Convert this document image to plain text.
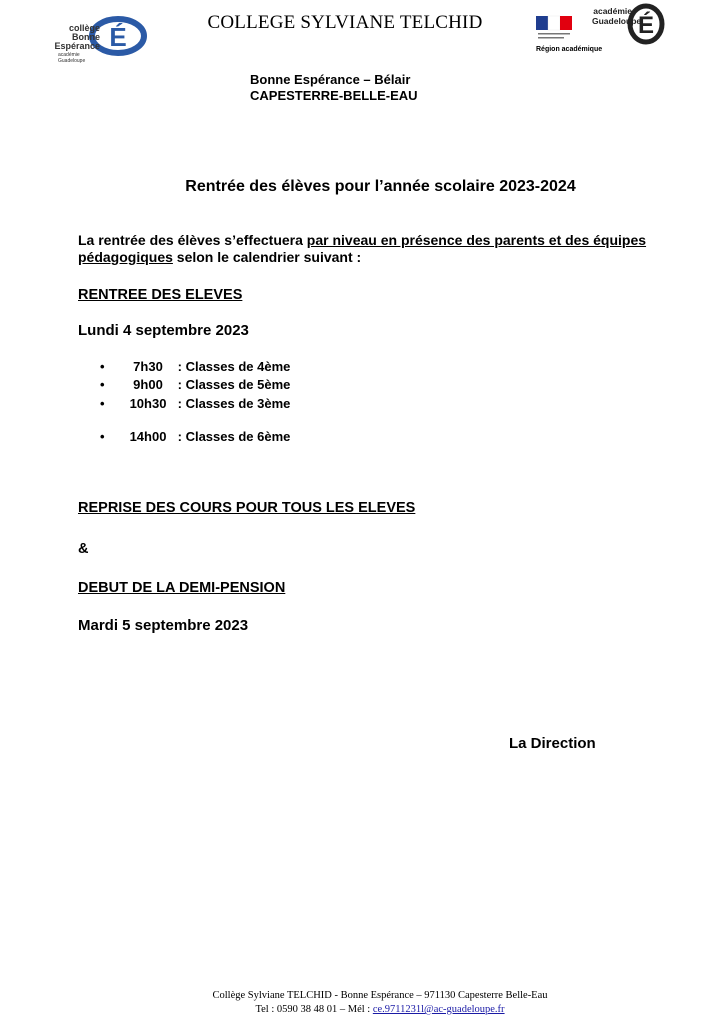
É
collège
Bonne
Espérance
académie
Guadeloupe
COLLEGE SYLVIANE TELCHID	É
académie
Guadeloupe
Région académique
Bonne Espérance – Bélair
CAPESTERRE-BELLE-EAU
Rentrée des élèves pour l’année scolaire 2023-2024
La rentrée des élèves s’effectuera par niveau en présence des parents et des équipes pédagogiques selon le calendrier suivant :
RENTREE DES ELEVES
Lundi 4 septembre 2023
• 7h30 : Classes de 4ème
• 9h00 : Classes de 5ème
• 10h30 : Classes de 3ème
• 14h00 : Classes de 6ème
REPRISE DES COURS POUR TOUS LES ELEVES
&
DEBUT DE LA DEMI-PENSION
Mardi 5 septembre 2023
La Direction
Collège Sylviane TELCHID - Bonne Espérance – 971130 Capesterre Belle-Eau
Tel : 0590 38 48 01 – Mél : ce.9711231l@ac-guadeloupe.fr
